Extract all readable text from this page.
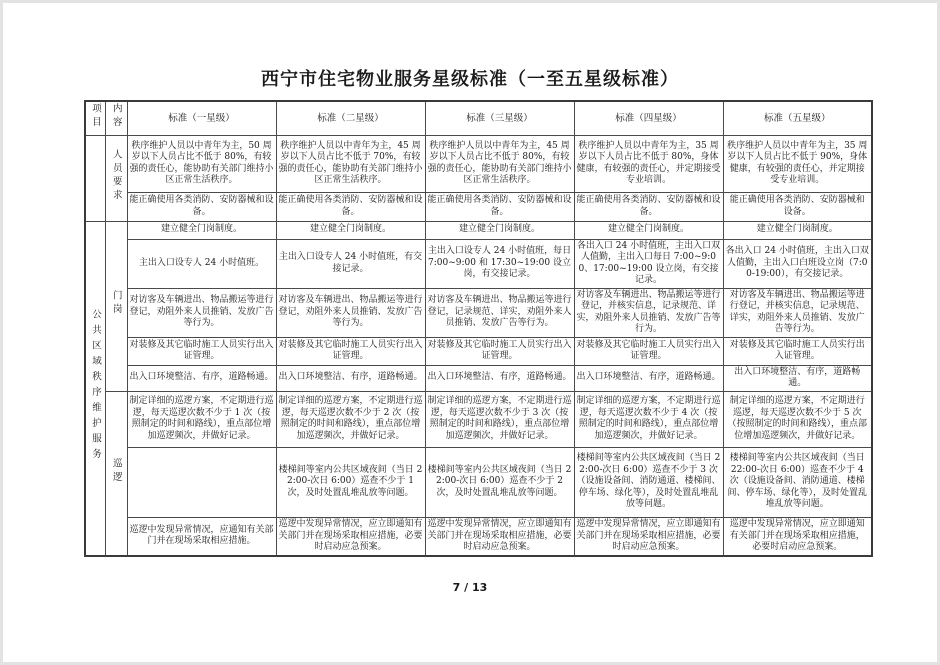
西宁市住宅物业服务星级标准（一至五星级标准）
项目	内容	标准（一星级）	标准（二星级）	标准（三星级）	标准（四星级）	标准（五星级）
	人员要求	秩序维护人员以中青年为主，50 周岁以下人员占比不低于 80%，有较强的责任心，能协助有关部门维持小区正常生活秩序。	秩序维护人员以中青年为主，45 周岁以下人员占比不低于 70%，有较强的责任心，能协助有关部门维持小区正常生活秩序。	秩序维护人员以中青年为主，45 周岁以下人员占比不低于 80%，有较强的责任心，能协助有关部门维持小区正常生活秩序。	秩序维护人员以中青年为主，35 周岁以下人员占比不低于 80%，身体健康，有较强的责任心，并定期接受专业培训。	秩序维护人员以中青年为主，35 周岁以下人员占比不低于 90%，身体健康，有较强的责任心，并定期接受专业培训。
		能正确使用各类消防、安防器械和设备。	能正确使用各类消防、安防器械和设备。	能正确使用各类消防、安防器械和设备。	能正确使用各类消防、安防器械和设备。	能正确使用各类消防、安防器械和设备。
公共区域秩序维护服务	门岗	建立健全门岗制度。	建立健全门岗制度。	建立健全门岗制度。	建立健全门岗制度。	建立健全门岗制度。
		主出入口设专人 24 小时值班。	主出入口设专人 24 小时值班，有交接记录。	主出入口设专人 24 小时值班，每日 7:00~9:00 和 17:30~19:00 设立岗，有交接记录。	各出入口 24 小时值班，主出入口双人值勤，主出入口每日 7:00~9:00、17:00~19:00 设立岗，有交接记录。	各出入口 24 小时值班，主出入口双人值勤，主出入口白班设立岗（7:00-19:00），有交接记录。
		对访客及车辆进出、物品搬运等进行登记，劝阻外来人员推销、发放广告等行为。	对访客及车辆进出、物品搬运等进行登记，劝阻外来人员推销、发放广告等行为。	对访客及车辆进出、物品搬运等进行登记，记录规范、详实，劝阻外来人员推销、发放广告等行为。	对访客及车辆进出、物品搬运等进行登记，并核实信息，记录规范、详实，劝阻外来人员推销、发放广告等行为。	对访客及车辆进出、物品搬运等进行登记，并核实信息，记录规范、详实，劝阻外来人员推销、发放广告等行为。
		对装修及其它临时施工人员实行出入证管理。	对装修及其它临时施工人员实行出入证管理。	对装修及其它临时施工人员实行出入证管理。	对装修及其它临时施工人员实行出入证管理。	对装修及其它临时施工人员实行出入证管理。
		出入口环境整洁、有序，道路畅通。	出入口环境整洁、有序，道路畅通。	出入口环境整洁、有序，道路畅通。	出入口环境整洁、有序，道路畅通。	出入口环境整洁、有序，道路畅通。
	巡逻	制定详细的巡逻方案，不定期进行巡逻，每天巡逻次数不少于 1 次（按照制定的时间和路线），重点部位增加巡逻频次，并做好记录。	制定详细的巡逻方案，不定期进行巡逻，每天巡逻次数不少于 2 次（按照制定的时间和路线），重点部位增加巡逻频次，并做好记录。	制定详细的巡逻方案，不定期进行巡逻，每天巡逻次数不少于 3 次（按照制定的时间和路线），重点部位增加巡逻频次，并做好记录。	制定详细的巡逻方案，不定期进行巡逻，每天巡逻次数不少于 4 次（按照制定的时间和路线），重点部位增加巡逻频次，并做好记录。	制定详细的巡逻方案，不定期进行巡逻，每天巡逻次数不少于 5 次（按照制定的时间和路线），重点部位增加巡逻频次，并做好记录。
			楼梯间等室内公共区域夜间（当日 22:00-次日 6:00）巡查不少于 1 次，及时处置乱堆乱放等问题。	楼梯间等室内公共区域夜间（当日 22:00-次日 6:00）巡查不少于 2 次，及时处置乱堆乱放等问题。	楼梯间等室内公共区域夜间（当日 22:00-次日 6:00）巡查不少于 3 次（设施设备间、消防通道、楼梯间、停车场、绿化等），及时处置乱堆乱放等问题。	楼梯间等室内公共区域夜间（当日 22:00-次日 6:00）巡查不少于 4 次（设施设备间、消防通道、楼梯间、停车场、绿化等），及时处置乱堆乱放等问题。
		巡逻中发现异常情况，应通知有关部门并在现场采取相应措施。	巡逻中发现异常情况，应立即通知有关部门并在现场采取相应措施，必要时启动应急预案。	巡逻中发现异常情况，应立即通知有关部门并在现场采取相应措施，必要时启动应急预案。	巡逻中发现异常情况，应立即通知有关部门并在现场采取相应措施，必要时启动应急预案。	巡逻中发现异常情况，应立即通知有关部门并在现场采取相应措施，必要时启动应急预案。
7 / 13
